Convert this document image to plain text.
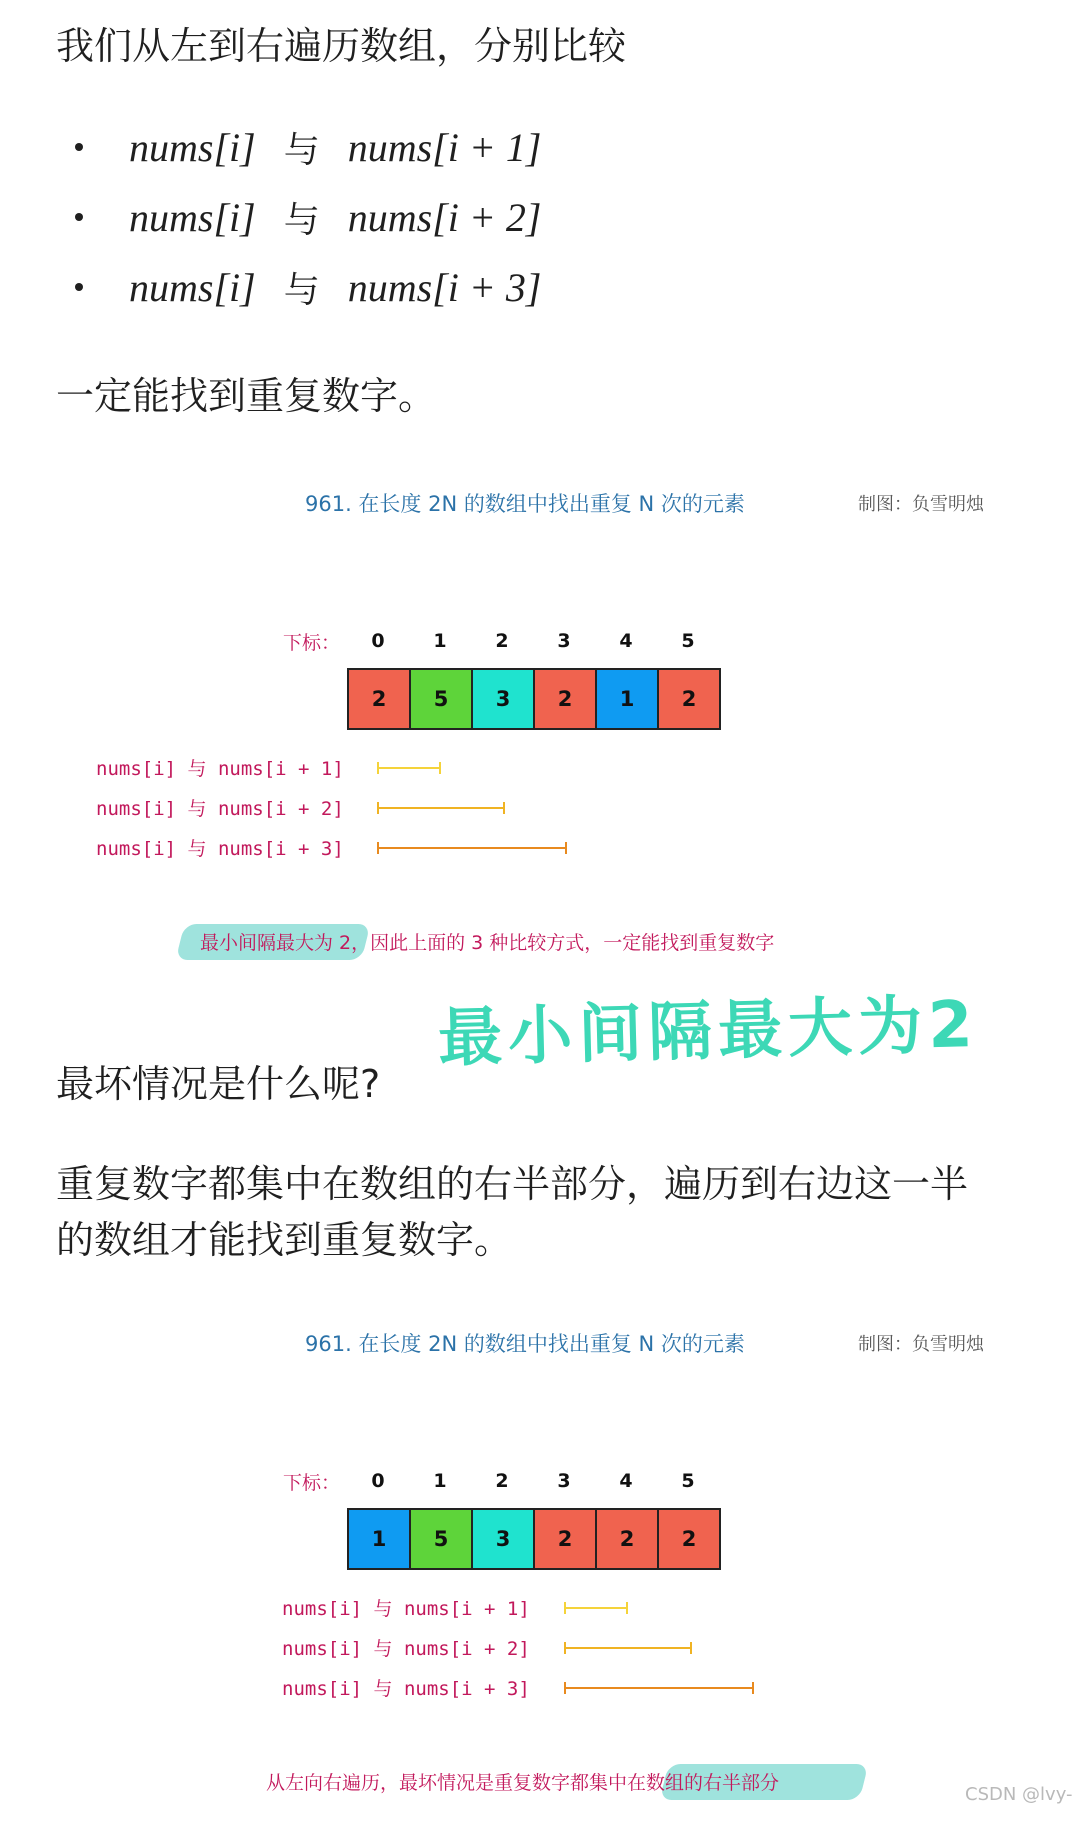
我们从左到右遍历数组，分别比较
nums[i] 与 nums[i + 1]
nums[i] 与 nums[i + 2]
nums[i] 与 nums[i + 3]
一定能找到重复数字。
961. 在长度 2N 的数组中找出重复 N 次的元素	制图：负雪明烛
下标：	0	1	2	3	4	5
2	5	3	2	1	2
nums[i] 与 nums[i + 1]
nums[i] 与 nums[i + 2]
nums[i] 与 nums[i + 3]
最小间隔最大为 2，因此上面的 3 种比较方式，一定能找到重复数字
最小间隔最大为2
最坏情况是什么呢?
重复数字都集中在数组的右半部分，遍历到右边这一半的数组才能找到重复数字。
961. 在长度 2N 的数组中找出重复 N 次的元素	制图：负雪明烛
下标：	0	1	2	3	4	5
1	5	3	2	2	2
nums[i] 与 nums[i + 1]
nums[i] 与 nums[i + 2]
nums[i] 与 nums[i + 3]
从左向右遍历，最坏情况是重复数字都集中在数组的右半部分
CSDN @lvy-
